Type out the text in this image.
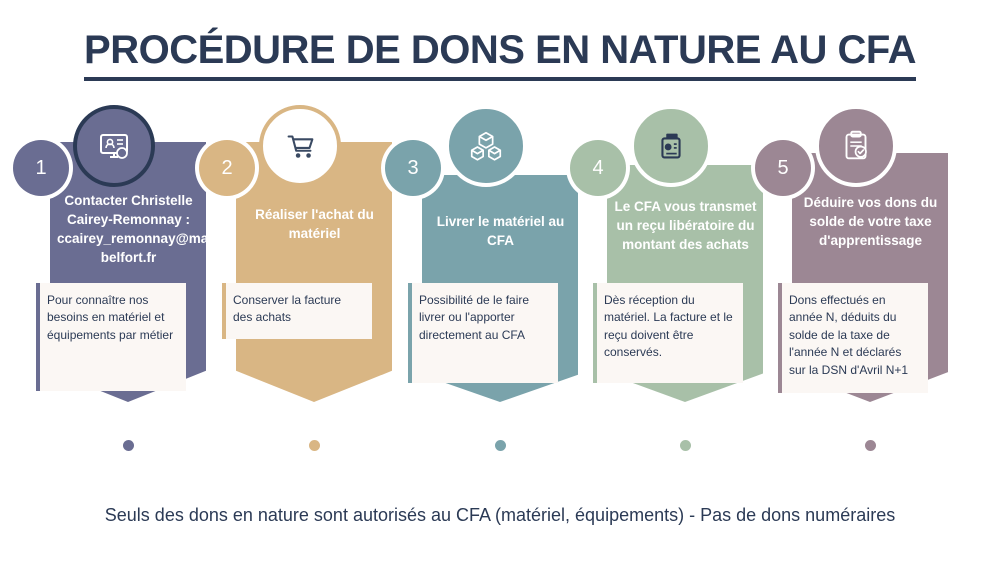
PROCÉDURE DE DONS EN NATURE AU CFA
1
Contacter Christelle Cairey-Remonnay : ccairey_remonnay@mairie-belfort.fr
Pour connaître nos besoins en matériel et équipements par métier
2
Réaliser l'achat du matériel
Conserver la facture des achats
3
Livrer le matériel au CFA
Possibilité de le faire livrer ou l'apporter directement au CFA
4
Le CFA vous transmet un reçu libératoire du montant des achats
Dès réception du matériel. La facture et le reçu doivent être conservés.
5
Déduire vos dons du solde de votre taxe d'apprentissage
Dons effectués en année N, déduits du solde de la taxe de l'année N et déclarés sur la DSN d'Avril N+1
Seuls des dons en nature sont autorisés au CFA (matériel, équipements) - Pas de dons numéraires
